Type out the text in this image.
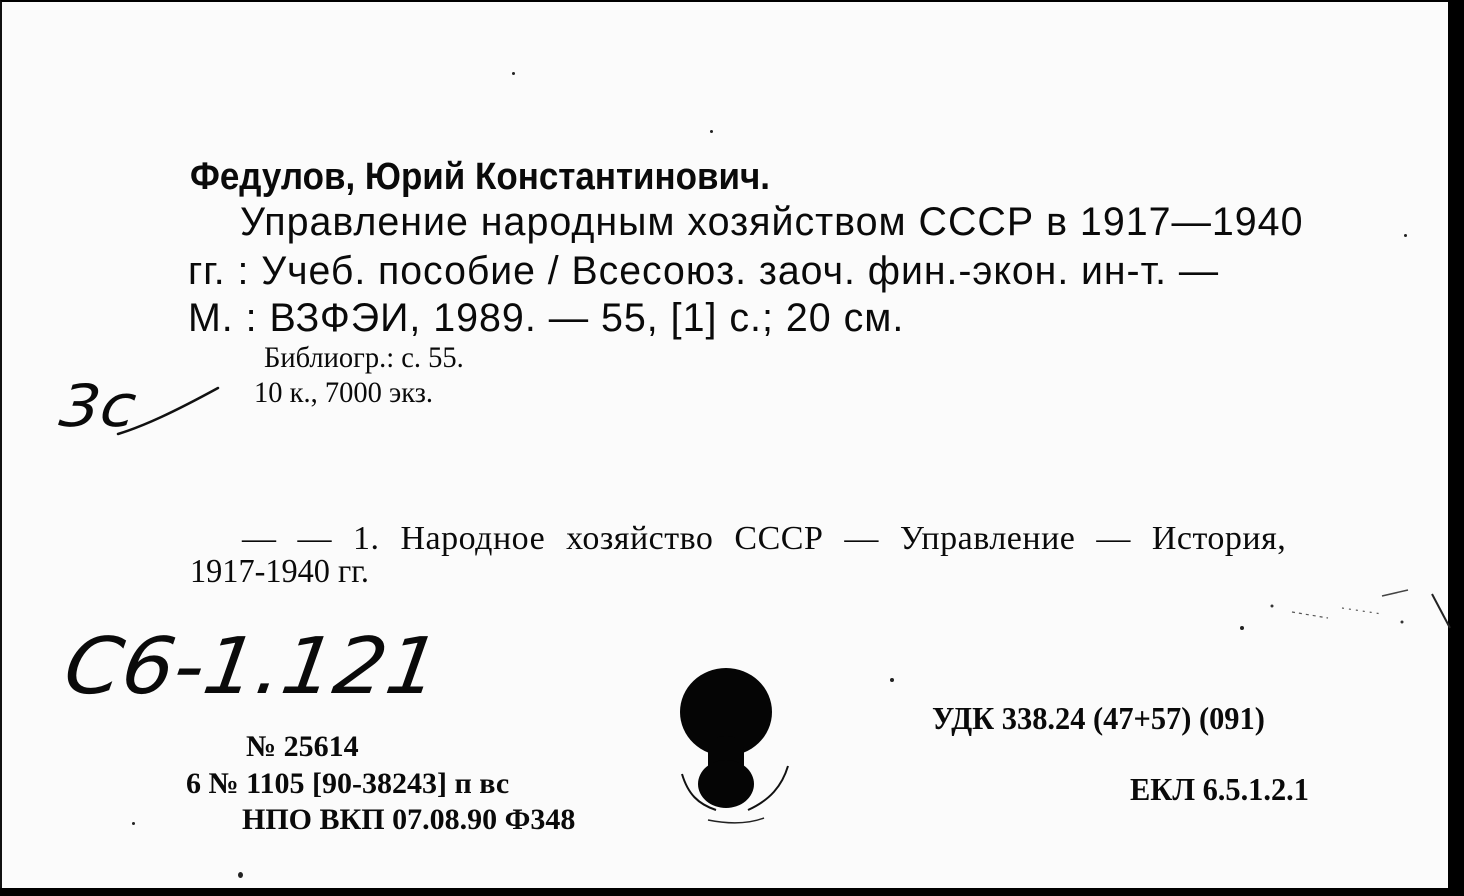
Федулов, Юрий Константинович.
Управление народным хозяйством СССР в 1917—1940
гг. : Учеб. пособие / Всесоюз. заоч. фин.-экон. ин-т. —
М. : ВЗФЭИ, 1989. — 55, [1] с.; 20 см.
Библиогр.: с. 55.
10 к., 7000 экз.
3с
— — 1. Народное хозяйство СССР — Управление — История,
1917-1940 гг.
С6-1.121
№ 25614
6 № 1105 [90-38243] п вс
НПО ВКП 07.08.90 Ф348
УДК 338.24 (47+57) (091)
ЕКЛ 6.5.1.2.1
